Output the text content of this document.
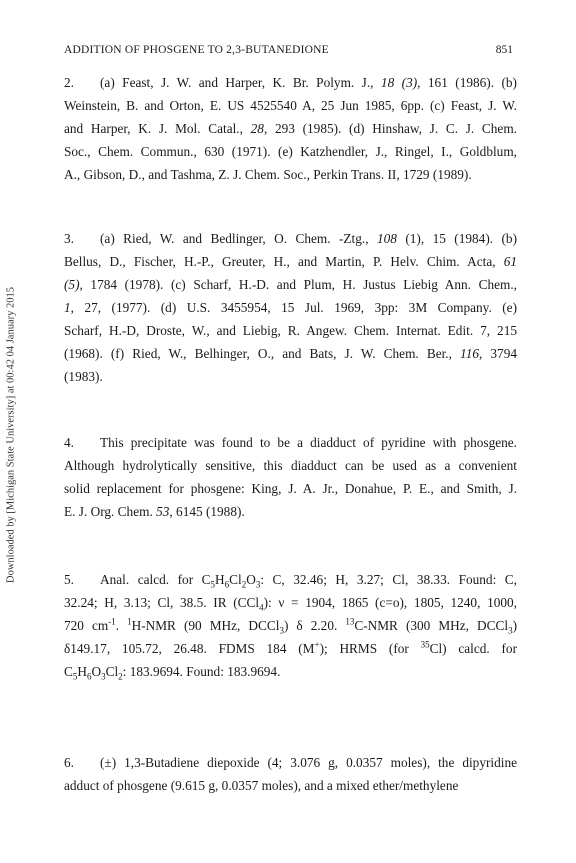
ADDITION OF PHOSGENE TO 2,3-BUTANEDIONE	851
Downloaded by [Michigan State University] at 00:42 04 January 2015
2. (a) Feast, J. W. and Harper, K. Br. Polym. J., 18 (3), 161 (1986). (b)
Weinstein, B. and Orton, E. US 4525540 A, 25 Jun 1985, 6pp. (c) Feast, J. W.
and Harper, K. J. Mol. Catal., 28, 293 (1985). (d) Hinshaw, J. C. J. Chem.
Soc., Chem. Commun., 630 (1971). (e) Katzhendler, J., Ringel, I., Goldblum,
A., Gibson, D., and Tashma, Z. J. Chem. Soc., Perkin Trans. II, 1729 (1989).
3. (a) Ried, W. and Bedlinger, O. Chem. -Ztg., 108 (1), 15 (1984). (b)
Bellus, D., Fischer, H.-P., Greuter, H., and Martin, P. Helv. Chim. Acta, 61
(5), 1784 (1978). (c) Scharf, H.-D. and Plum, H. Justus Liebig Ann. Chem.,
1, 27, (1977). (d) U.S. 3455954, 15 Jul. 1969, 3pp: 3M Company. (e)
Scharf, H.-D, Droste, W., and Liebig, R. Angew. Chem. Internat. Edit. 7, 215
(1968). (f) Ried, W., Belhinger, O., and Bats, J. W. Chem. Ber., 116, 3794
(1983).
4. This precipitate was found to be a diadduct of pyridine with phosgene.
Although hydrolytically sensitive, this diadduct can be used as a convenient
solid replacement for phosgene: King, J. A. Jr., Donahue, P. E., and Smith, J.
E. J. Org. Chem. 53, 6145 (1988).
5. Anal. calcd. for $C_5H_6Cl_2O_3$: C, 32.46; H, 3.27; Cl, 38.33. Found: C,
32.24; H, 3.13; Cl, 38.5. IR (CCl$_4$): ν = 1904, 1865 (c=o), 1805, 1240, 1000,
720 $cm^{-1}$. $^1$H-NMR (90 MHz, DCCl$_3$) δ 2.20. $^{13}$C-NMR (300 MHz, DCCl$_3$)
δ149.17, 105.72, 26.48. FDMS 184 (M+); HRMS (for $^{35}$Cl) calcd. for
$C_5H_6O_3Cl_2$: 183.9694. Found: 183.9694.
6. (±) 1,3-Butadiene diepoxide (4; 3.076 g, 0.0357 moles), the dipyridine
adduct of phosgene (9.615 g, 0.0357 moles), and a mixed ether/methylene
